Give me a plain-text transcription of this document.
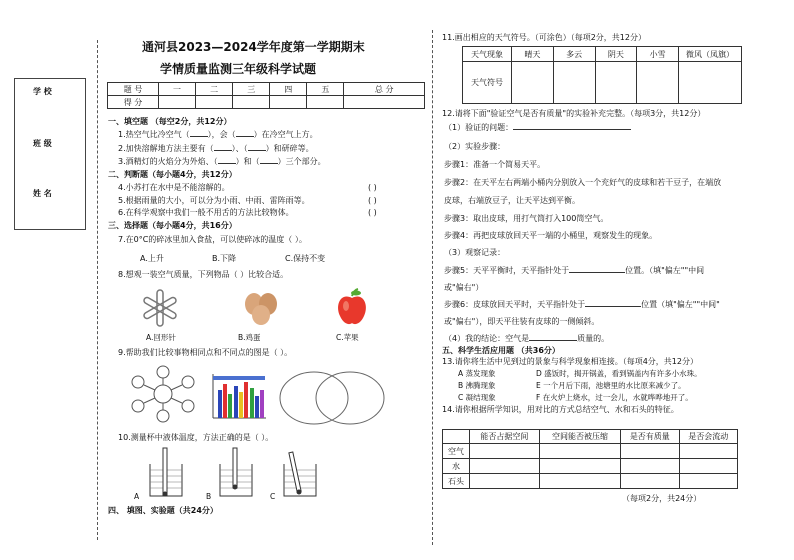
学 校
班 级
姓 名
通河县2023—2024学年度第一学期期末
学情质量监测三年级科学试题
题 号	一	二	三	四	五	总 分
得 分						
一、填空题 （每空2分，共12分）
1.热空气比冷空气（ ），会（ ）在冷空气上方。
2.加快溶解地方法主要有（ ）、（ ）和研碎等。
3.酒精灯的火焰分为外焰、（ ）和（ ）三个部分。
二、判断题（每小题4分，共12分）
4.小苏打在水中是不能溶解的。	( )
5.根据雨量的大小，可以分为小雨、中雨、雷阵雨等。	( )
6.在科学观察中我们一般不用舌的方法比较物体。	( )
三、选择题（每小题4分，共16分）
7.在0°C的碎冰里加入食盐，可以使碎冰的温度（ ）。
A.上升	B.下降	C.保持不变
8.想观一装空气质量，下列物品（ ）比较合适。
A.回形针	B.鸡蛋	C.苹果
9.帮助我们比较事物相同点和不同点的图是（ ）。
10.测量杯中液体温度，方法正确的是（ ）。
A	B	C
四、 填图、实验题（共24分）
11.画出相应的天气符号。（可涂色）（每项2分，共12分）
天气现象	晴天	多云	阴天	小雪	微风（凤旗）
天气符号					
12.请将下面"验证空气是否有质量"的实验补充完整。（每项3分，共12分）
（1）验证的问题：
（2）实验步骤：
步骤1：准备一个简易天平。
步骤2：在天平左右两端小桶内分别放入一个充好气的皮球和若干豆子，在端放
皮球，右端放豆子，让天平达到平衡。
步骤3：取出皮球，用打气筒打入100筒空气。
步骤4：再把皮球放回天平一端的小桶里，观察发生的现象。
（3）观察记录：
步骤5：天平平衡时，天平指针处于	位置。（填"偏左""中间
或"偏右"）
步骤6：皮球放回天平时，天平指针处于	位置（填"偏左""中间"
或"偏右"），即天平往装有皮球的一侧倾斜。
（4）我的结论：空气是	质量的。
五、科学生活应用题 （共36分）
13.请你将生活中见到过的景象与科学现象相连接。（每项4分，共12分）
A 蒸发现象	D 盛饭时，揭开锅盖，看到锅盖内有许多小水珠。
B 沸腾现象	E 一个月后下雨，池塘里的水比原来减少了。
C 凝结现象	F 在火炉上烧水，过一会儿，水就哗哗地开了。
14.请你根据所学知识，用对比的方式总结空气、水和石头的特征。
	能否占据空间	空间能否被压缩	是否有质量	是否会流动
空气				
水				
石头				
（每项2分，共24分）
